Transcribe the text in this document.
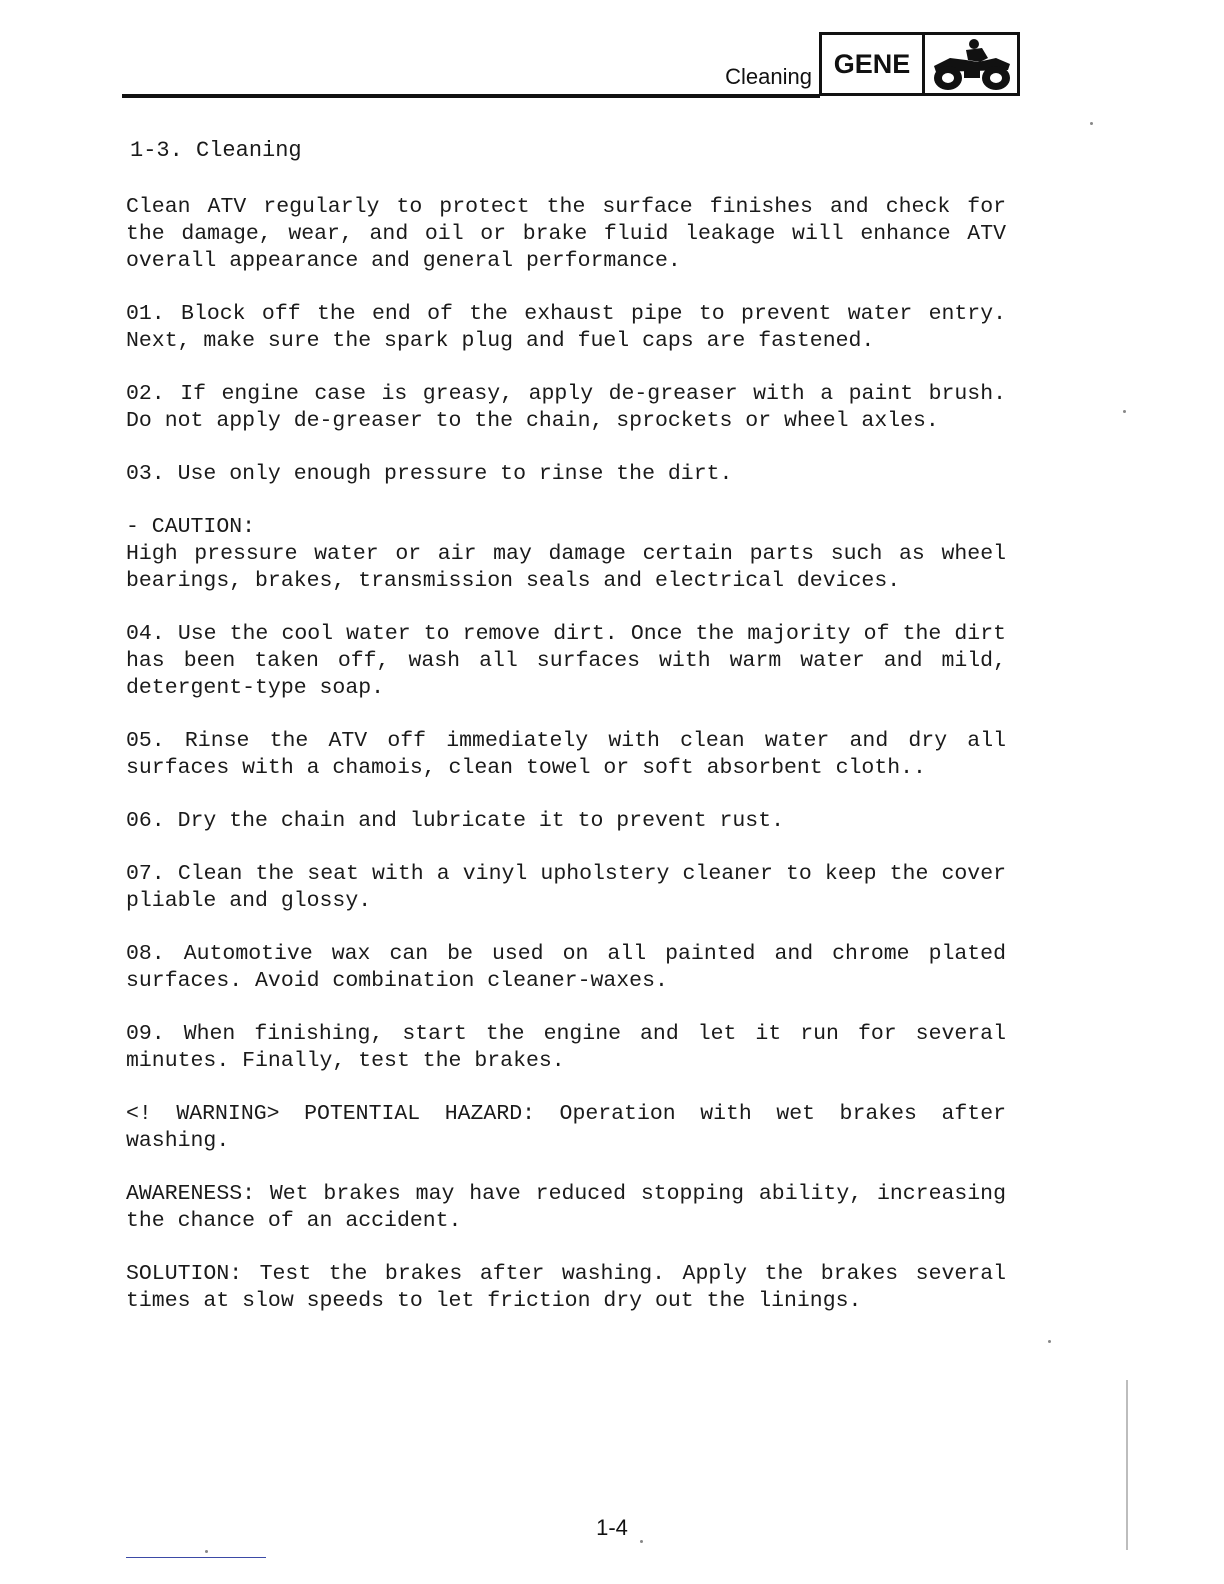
Cleaning GENE
1-3. Cleaning

Clean ATV regularly to protect the surface finishes and check for the damage, wear, and oil or brake fluid leakage will enhance ATV overall appearance and general performance.

01. Block off the end of the exhaust pipe to prevent water entry. Next, make sure the spark plug and fuel caps are fastened.

02. If engine case is greasy, apply de-greaser with a paint brush. Do not apply de-greaser to the chain, sprockets or wheel axles.

03. Use only enough pressure to rinse the dirt.

- CAUTION:

High pressure water or air may damage certain parts such as wheel bearings, brakes, transmission seals and electrical devices.

04. Use the cool water to remove dirt. Once the majority of the dirt has been taken off, wash all surfaces with warm water and mild, detergent-type soap.

05. Rinse the ATV off immediately with clean water and dry all surfaces with a chamois, clean towel or soft absorbent cloth..

06. Dry the chain and lubricate it to prevent rust.

07. Clean the seat with a vinyl upholstery cleaner to keep the cover pliable and glossy.

08. Automotive wax can be used on all painted and chrome plated surfaces. Avoid combination cleaner-waxes.

09. When finishing, start the engine and let it run for several minutes. Finally, test the brakes.

<! WARNING> POTENTIAL HAZARD: Operation with wet brakes after washing.

AWARENESS: Wet brakes may have reduced stopping ability, increasing the chance of an accident.

SOLUTION: Test the brakes after washing. Apply the brakes several times at slow speeds to let friction dry out the linings.

1-4
